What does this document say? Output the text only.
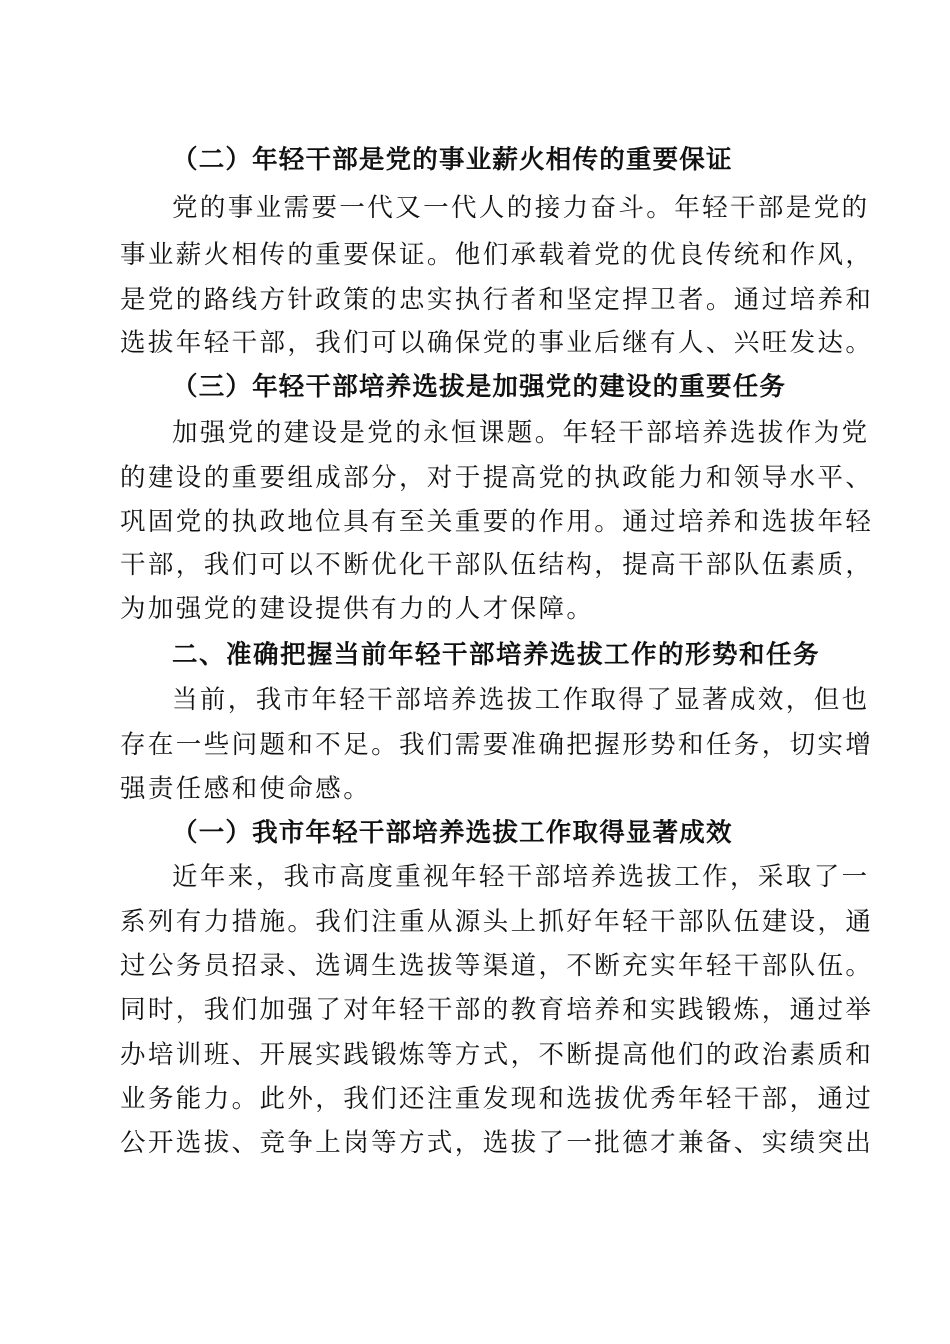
（二）年轻干部是党的事业薪火相传的重要保证
党的事业需要一代又一代人的接力奋斗。年轻干部是党的
事业薪火相传的重要保证。他们承载着党的优良传统和作风，
是党的路线方针政策的忠实执行者和坚定捍卫者。通过培养和
选拔年轻干部，我们可以确保党的事业后继有人、兴旺发达。
（三）年轻干部培养选拔是加强党的建设的重要任务
加强党的建设是党的永恒课题。年轻干部培养选拔作为党
的建设的重要组成部分，对于提高党的执政能力和领导水平、
巩固党的执政地位具有至关重要的作用。通过培养和选拔年轻
干部，我们可以不断优化干部队伍结构，提高干部队伍素质，
为加强党的建设提供有力的人才保障。
二、准确把握当前年轻干部培养选拔工作的形势和任务
当前，我市年轻干部培养选拔工作取得了显著成效，但也
存在一些问题和不足。我们需要准确把握形势和任务，切实增
强责任感和使命感。
（一）我市年轻干部培养选拔工作取得显著成效
近年来，我市高度重视年轻干部培养选拔工作，采取了一
系列有力措施。我们注重从源头上抓好年轻干部队伍建设，通
过公务员招录、选调生选拔等渠道，不断充实年轻干部队伍。
同时，我们加强了对年轻干部的教育培养和实践锻炼，通过举
办培训班、开展实践锻炼等方式，不断提高他们的政治素质和
业务能力。此外，我们还注重发现和选拔优秀年轻干部，通过
公开选拔、竞争上岗等方式，选拔了一批德才兼备、实绩突出
